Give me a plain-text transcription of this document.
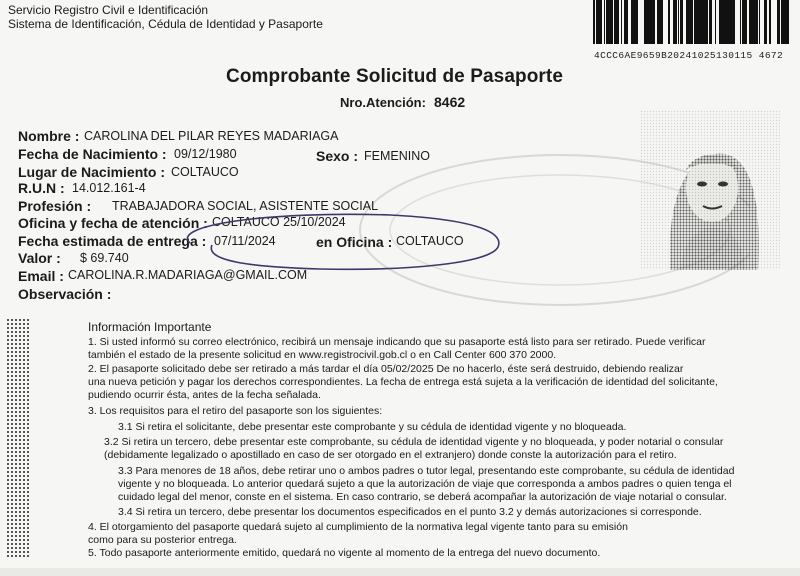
Servicio Registro Civil e Identificación
Sistema de Identificación, Cédula de Identidad y Pasaporte
4CCC6AE9659B20241025130115 4672
Comprobante Solicitud de Pasaporte
Nro.Atención: 8462
Nombre : CAROLINA DEL PILAR REYES MADARIAGA
Fecha de Nacimiento : 09/12/1980	Sexo : FEMENINO
Lugar de Nacimiento : COLTAUCO
R.U.N : 14.012.161-4
Profesión : TRABAJADORA SOCIAL, ASISTENTE SOCIAL
Oficina y fecha de atención : COLTAUCO 25/10/2024
Fecha estimada de entrega : 07/11/2024	en Oficina : COLTAUCO
Valor : $ 69.740
Email : CAROLINA.R.MADARIAGA@GMAIL.COM
Observación :
Información Importante
1. Si usted informó su correo electrónico, recibirá un mensaje indicando que su pasaporte está listo para ser retirado. Puede verificar
también el estado de la presente solicitud en www.registrocivil.gob.cl o en Call Center 600 370 2000.
2. El pasaporte solicitado debe ser retirado a más tardar el día 05/02/2025 De no hacerlo, éste será destruido, debiendo realizar
una nueva petición y pagar los derechos correspondientes. La fecha de entrega está sujeta a la verificación de identidad del solicitante,
pudiendo ocurrir ésta, antes de la fecha señalada.
3. Los requisitos para el retiro del pasaporte son los siguientes:
3.1 Si retira el solicitante, debe presentar este comprobante y su cédula de identidad vigente y no bloqueada.
3.2 Si retira un tercero, debe presentar este comprobante, su cédula de identidad vigente y no bloqueada, y poder notarial o consular
(debidamente legalizado o apostillado en caso de ser otorgado en el extranjero) donde conste la autorización para el retiro.
3.3 Para menores de 18 años, debe retirar uno o ambos padres o tutor legal, presentando este comprobante, su cédula de identidad
vigente y no bloqueada. Lo anterior quedará sujeto a que la autorización de viaje que corresponda a ambos padres o quien tenga el
cuidado legal del menor, conste en el sistema. En caso contrario, se deberá acompañar la autorización de viaje notarial o consular.
3.4 Si retira un tercero, debe presentar los documentos especificados en el punto 3.2 y demás autorizaciones si corresponde.
4. El otorgamiento del pasaporte quedará sujeto al cumplimiento de la normativa legal vigente tanto para su emisión
como para su posterior entrega.
5. Todo pasaporte anteriormente emitido, quedará no vigente al momento de la entrega del nuevo documento.
